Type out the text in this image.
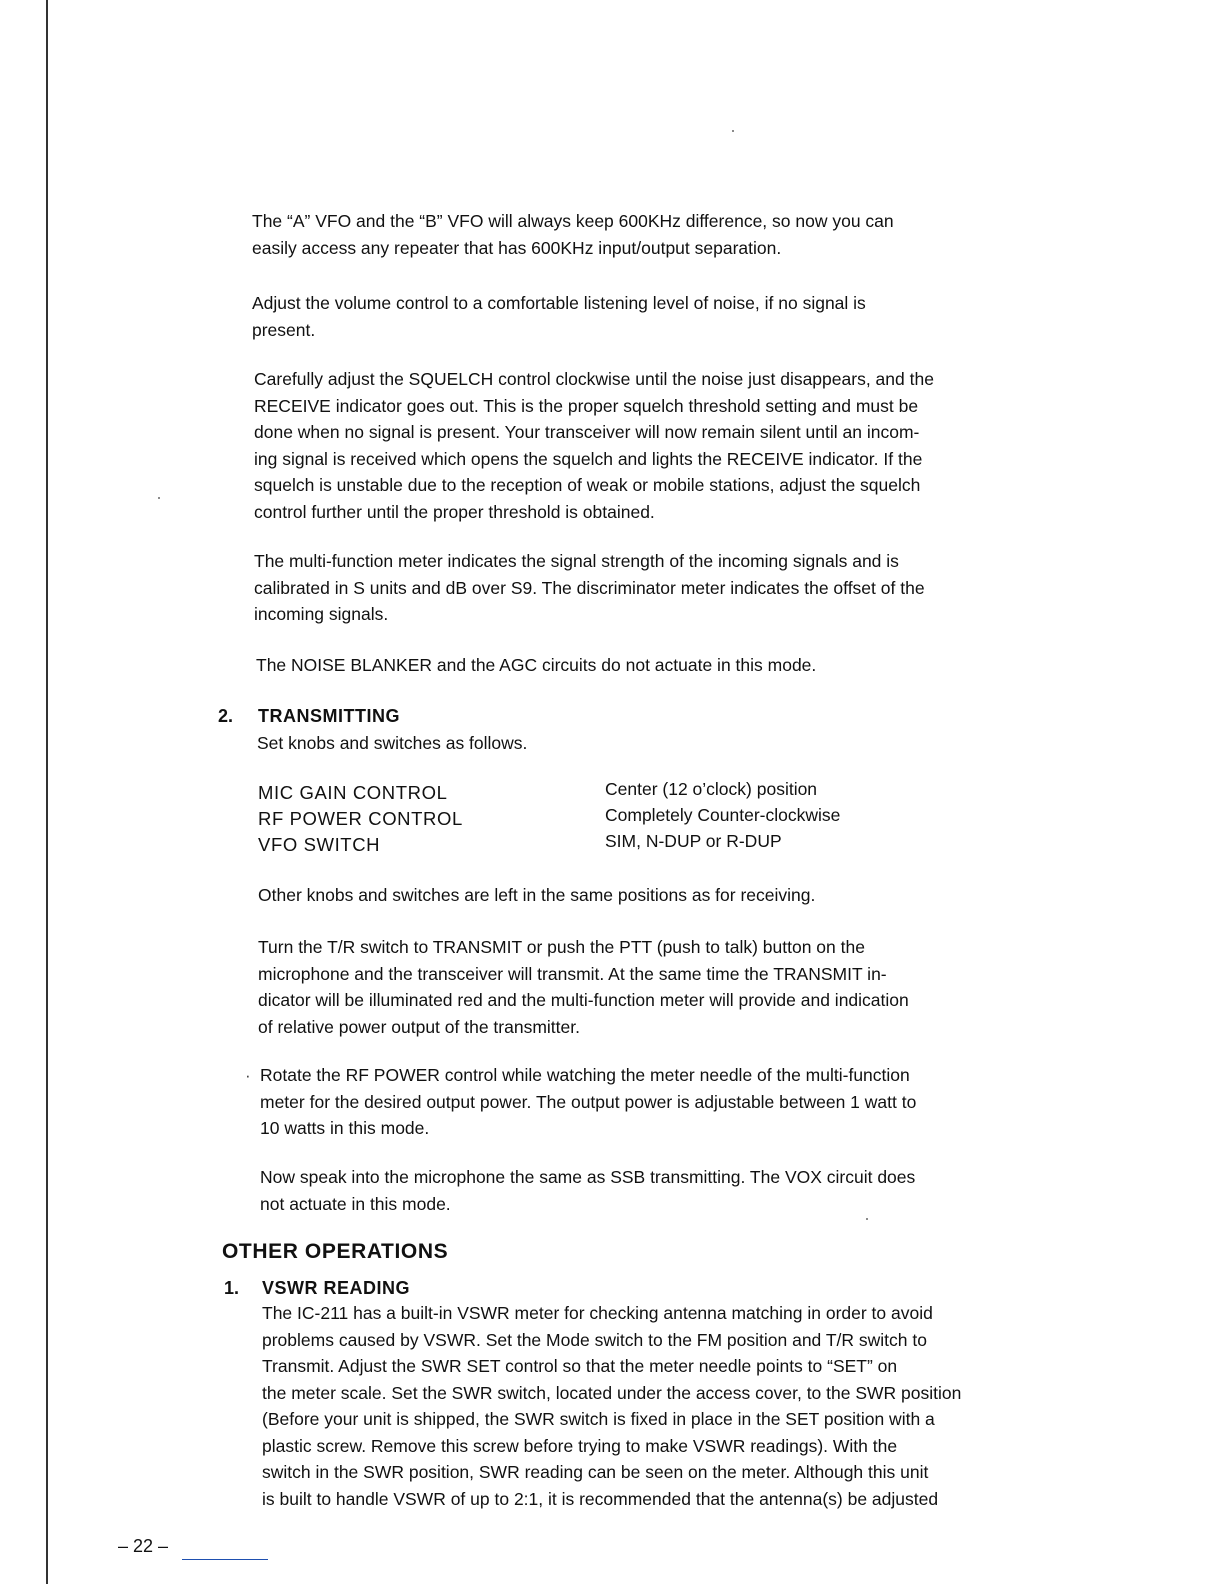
The “A” VFO and the “B” VFO will always keep 600KHz difference, so now you can
easily access any repeater that has 600KHz input/output separation.
Adjust the volume control to a comfortable listening level of noise, if no signal is
present.
Carefully adjust the SQUELCH control clockwise until the noise just disappears, and the
RECEIVE indicator goes out. This is the proper squelch threshold setting and must be
done when no signal is present. Your transceiver will now remain silent until an incom-
ing signal is received which opens the squelch and lights the RECEIVE indicator. If the
squelch is unstable due to the reception of weak or mobile stations, adjust the squelch
control further until the proper threshold is obtained.
The multi-function meter indicates the signal strength of the incoming signals and is
calibrated in S units and dB over S9. The discriminator meter indicates the offset of the
incoming signals.
The NOISE BLANKER and the AGC circuits do not actuate in this mode.
2. TRANSMITTING
Set knobs and switches as follows.
MIC GAIN CONTROL	Center (12 o’clock) position
RF POWER CONTROL	Completely Counter-clockwise
VFO SWITCH	SIM, N-DUP or R-DUP
Other knobs and switches are left in the same positions as for receiving.
Turn the T/R switch to TRANSMIT or push the PTT (push to talk) button on the
microphone and the transceiver will transmit. At the same time the TRANSMIT in-
dicator will be illuminated red and the multi-function meter will provide and indication
of relative power output of the transmitter.
· Rotate the RF POWER control while watching the meter needle of the multi-function
meter for the desired output power. The output power is adjustable between 1 watt to
10 watts in this mode.
Now speak into the microphone the same as SSB transmitting. The VOX circuit does
not actuate in this mode.
OTHER OPERATIONS
1. VSWR READING
The IC-211 has a built-in VSWR meter for checking antenna matching in order to avoid
problems caused by VSWR. Set the Mode switch to the FM position and T/R switch to
Transmit. Adjust the SWR SET control so that the meter needle points to “SET” on
the meter scale. Set the SWR switch, located under the access cover, to the SWR position
(Before your unit is shipped, the SWR switch is fixed in place in the SET position with a
plastic screw. Remove this screw before trying to make VSWR readings). With the
switch in the SWR position, SWR reading can be seen on the meter. Although this unit
is built to handle VSWR of up to 2:1, it is recommended that the antenna(s) be adjusted
– 22 –
